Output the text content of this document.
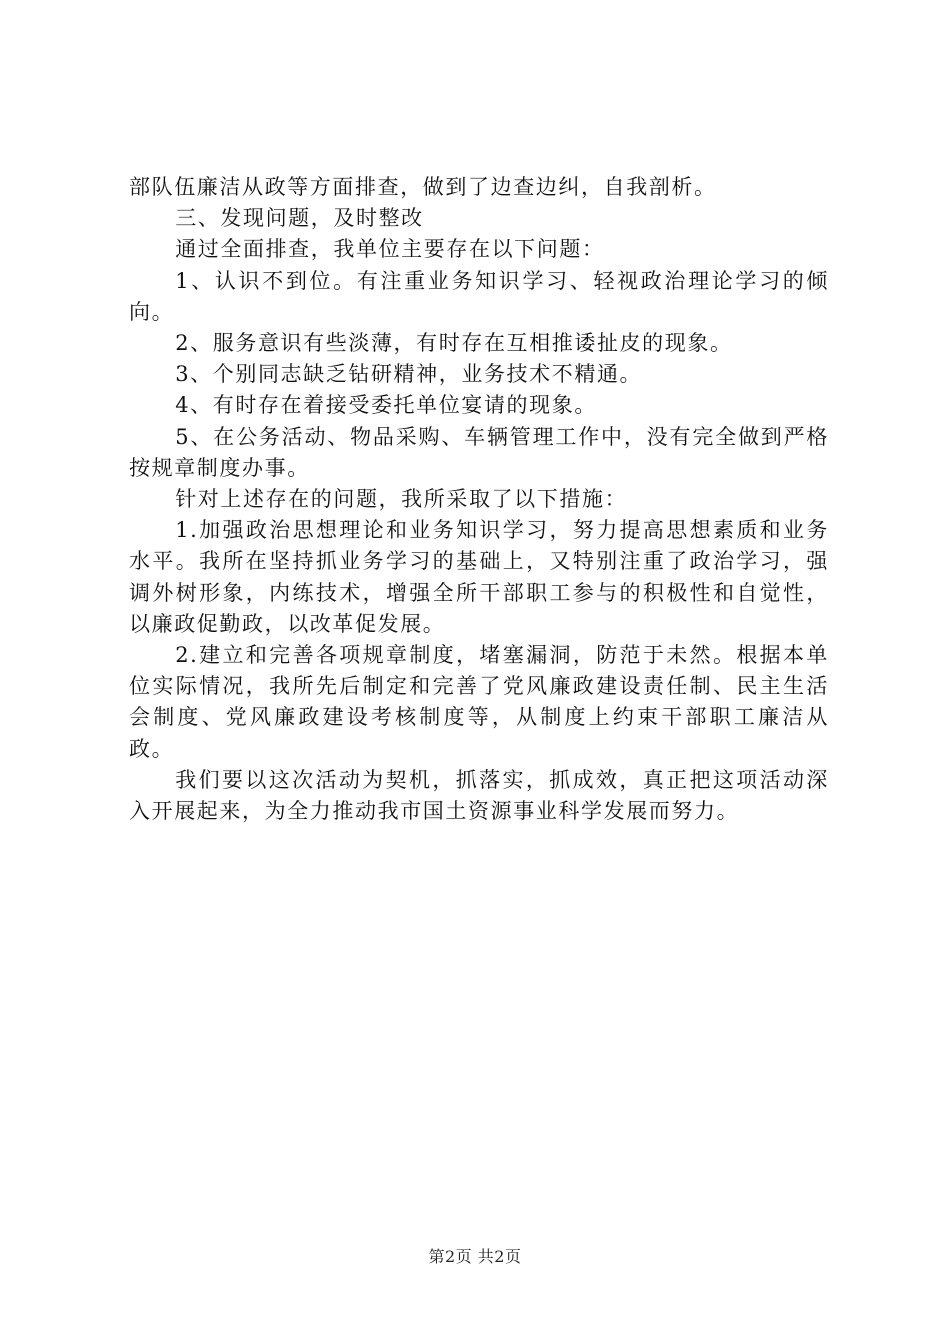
部队伍廉洁从政等方面排查，做到了边查边纠，自我剖析。

三、发现问题，及时整改

通过全面排查，我单位主要存在以下问题：

1、认识不到位。有注重业务知识学习、轻视政治理论学习的倾向。

2、服务意识有些淡薄，有时存在互相推诿扯皮的现象。

3、个别同志缺乏钻研精神，业务技术不精通。

4、有时存在着接受委托单位宴请的现象。

5、在公务活动、物品采购、车辆管理工作中，没有完全做到严格按规章制度办事。

针对上述存在的问题，我所采取了以下措施：

1.加强政治思想理论和业务知识学习，努力提高思想素质和业务水平。我所在坚持抓业务学习的基础上，又特别注重了政治学习，强调外树形象，内练技术，增强全所干部职工参与的积极性和自觉性，以廉政促勤政，以改革促发展。

2.建立和完善各项规章制度，堵塞漏洞，防范于未然。根据本单位实际情况，我所先后制定和完善了党风廉政建设责任制、民主生活会制度、党风廉政建设考核制度等，从制度上约束干部职工廉洁从政。

我们要以这次活动为契机，抓落实，抓成效，真正把这项活动深入开展起来，为全力推动我市国土资源事业科学发展而努力。

第2页 共2页
